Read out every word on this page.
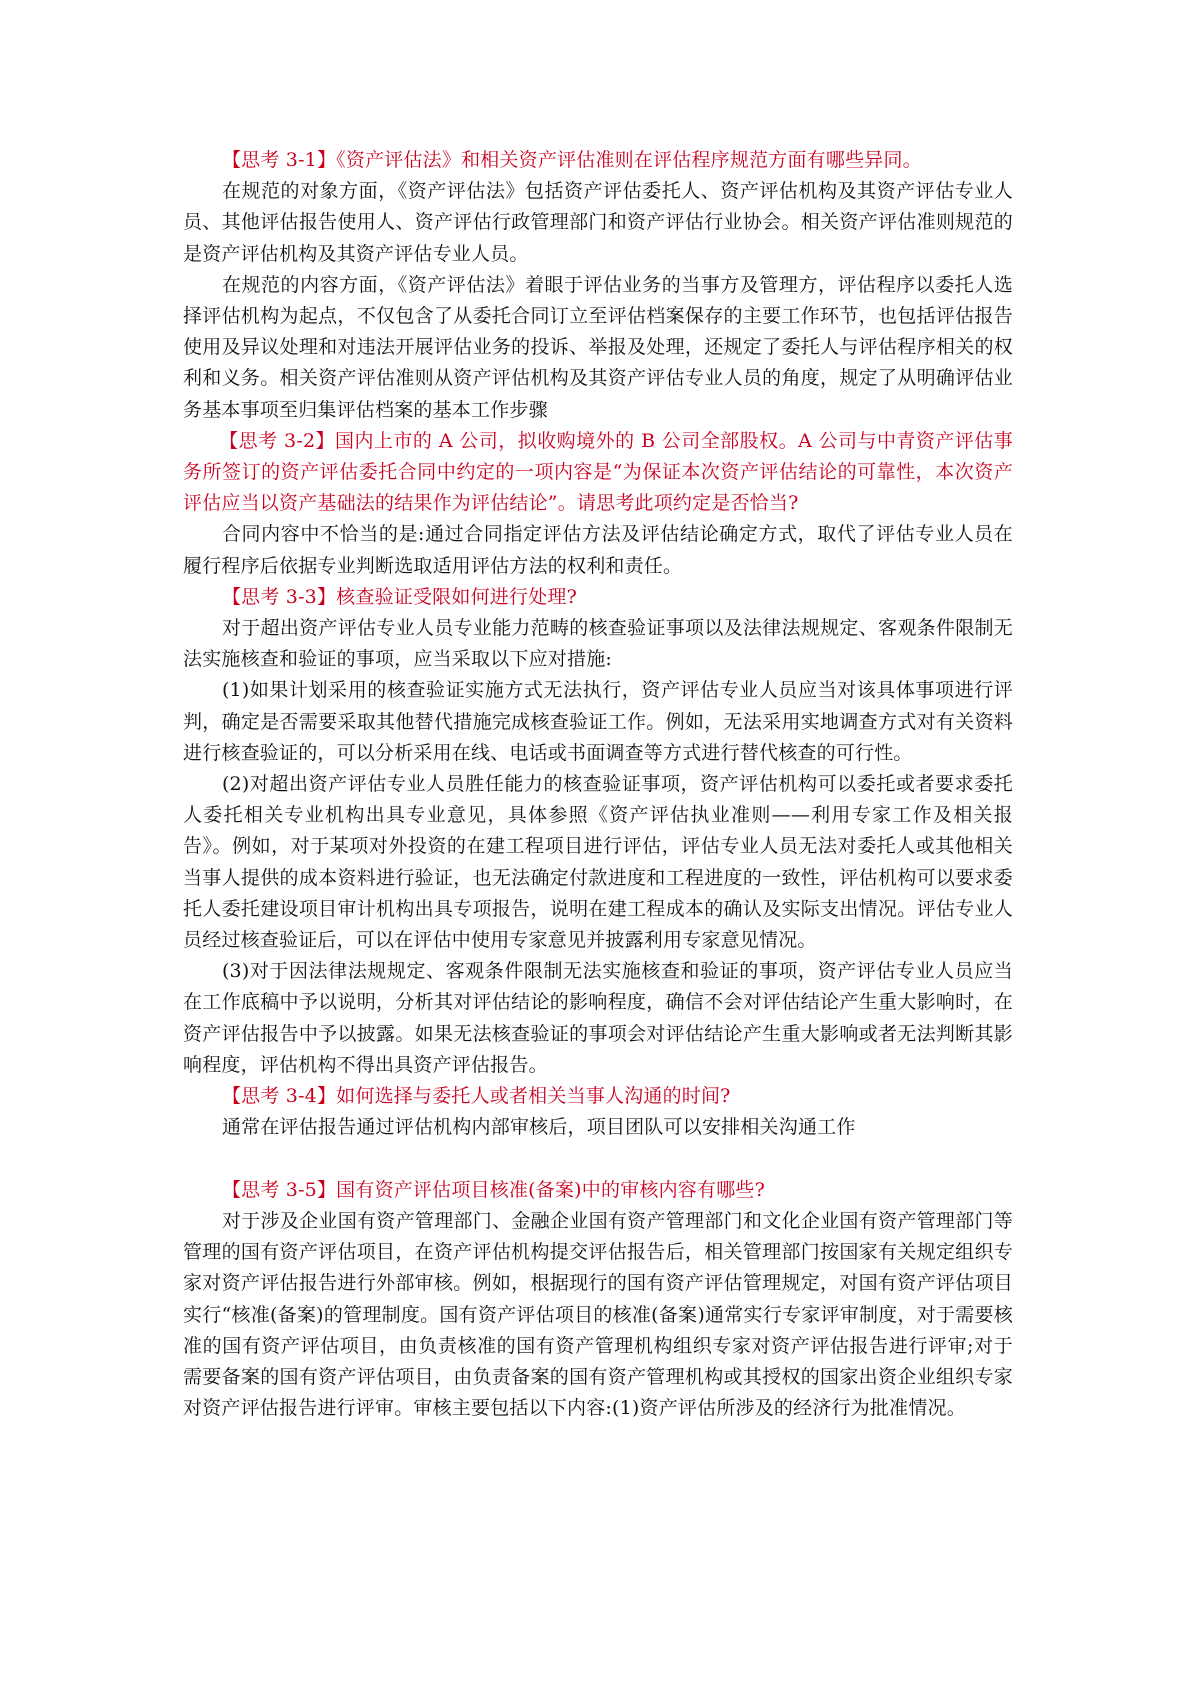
【思考 3-1】《资产评估法》和相关资产评估准则在评估程序规范方面有哪些异同。

在规范的对象方面，《资产评估法》包括资产评估委托人、资产评估机构及其资产评估专业人员、其他评估报告使用人、资产评估行政管理部门和资产评估行业协会。相关资产评估准则规范的是资产评估机构及其资产评估专业人员。

在规范的内容方面，《资产评估法》着眼于评估业务的当事方及管理方，评估程序以委托人选择评估机构为起点，不仅包含了从委托合同订立至评估档案保存的主要工作环节，也包括评估报告使用及异议处理和对违法开展评估业务的投诉、举报及处理，还规定了委托人与评估程序相关的权利和义务。相关资产评估准则从资产评估机构及其资产评估专业人员的角度，规定了从明确评估业务基本事项至归集评估档案的基本工作步骤

【思考 3-2】国内上市的 A 公司，拟收购境外的 B 公司全部股权。A 公司与中青资产评估事务所签订的资产评估委托合同中约定的一项内容是“为保证本次资产评估结论的可靠性，本次资产评估应当以资产基础法的结果作为评估结论”。请思考此项约定是否恰当?

合同内容中不恰当的是:通过合同指定评估方法及评估结论确定方式，取代了评估专业人员在履行程序后依据专业判断选取适用评估方法的权利和责任。

【思考 3-3】核查验证受限如何进行处理?

对于超出资产评估专业人员专业能力范畴的核查验证事项以及法律法规规定、客观条件限制无法实施核查和验证的事项，应当采取以下应对措施:

(1)如果计划采用的核查验证实施方式无法执行，资产评估专业人员应当对该具体事项进行评判，确定是否需要采取其他替代措施完成核查验证工作。例如，无法采用实地调查方式对有关资料进行核查验证的，可以分析采用在线、电话或书面调查等方式进行替代核查的可行性。

(2)对超出资产评估专业人员胜任能力的核查验证事项，资产评估机构可以委托或者要求委托人委托相关专业机构出具专业意见，具体参照《资产评估执业准则——利用专家工作及相关报告》。例如，对于某项对外投资的在建工程项目进行评估，评估专业人员无法对委托人或其他相关当事人提供的成本资料进行验证，也无法确定付款进度和工程进度的一致性，评估机构可以要求委托人委托建设项目审计机构出具专项报告，说明在建工程成本的确认及实际支出情况。评估专业人员经过核查验证后，可以在评估中使用专家意见并披露利用专家意见情况。

(3)对于因法律法规规定、客观条件限制无法实施核查和验证的事项，资产评估专业人员应当在工作底稿中予以说明，分析其对评估结论的影响程度，确信不会对评估结论产生重大影响时，在资产评估报告中予以披露。如果无法核查验证的事项会对评估结论产生重大影响或者无法判断其影响程度，评估机构不得出具资产评估报告。

【思考 3-4】如何选择与委托人或者相关当事人沟通的时间?

通常在评估报告通过评估机构内部审核后，项目团队可以安排相关沟通工作

【思考 3-5】国有资产评估项目核准(备案)中的审核内容有哪些?

对于涉及企业国有资产管理部门、金融企业国有资产管理部门和文化企业国有资产管理部门等管理的国有资产评估项目，在资产评估机构提交评估报告后，相关管理部门按国家有关规定组织专家对资产评估报告进行外部审核。例如，根据现行的国有资产评估管理规定，对国有资产评估项目实行“核准(备案)的管理制度。国有资产评估项目的核准(备案)通常实行专家评审制度，对于需要核准的国有资产评估项目，由负责核准的国有资产管理机构组织专家对资产评估报告进行评审;对于需要备案的国有资产评估项目，由负责备案的国有资产管理机构或其授权的国家出资企业组织专家对资产评估报告进行评审。审核主要包括以下内容:(1)资产评估所涉及的经济行为批准情况。
